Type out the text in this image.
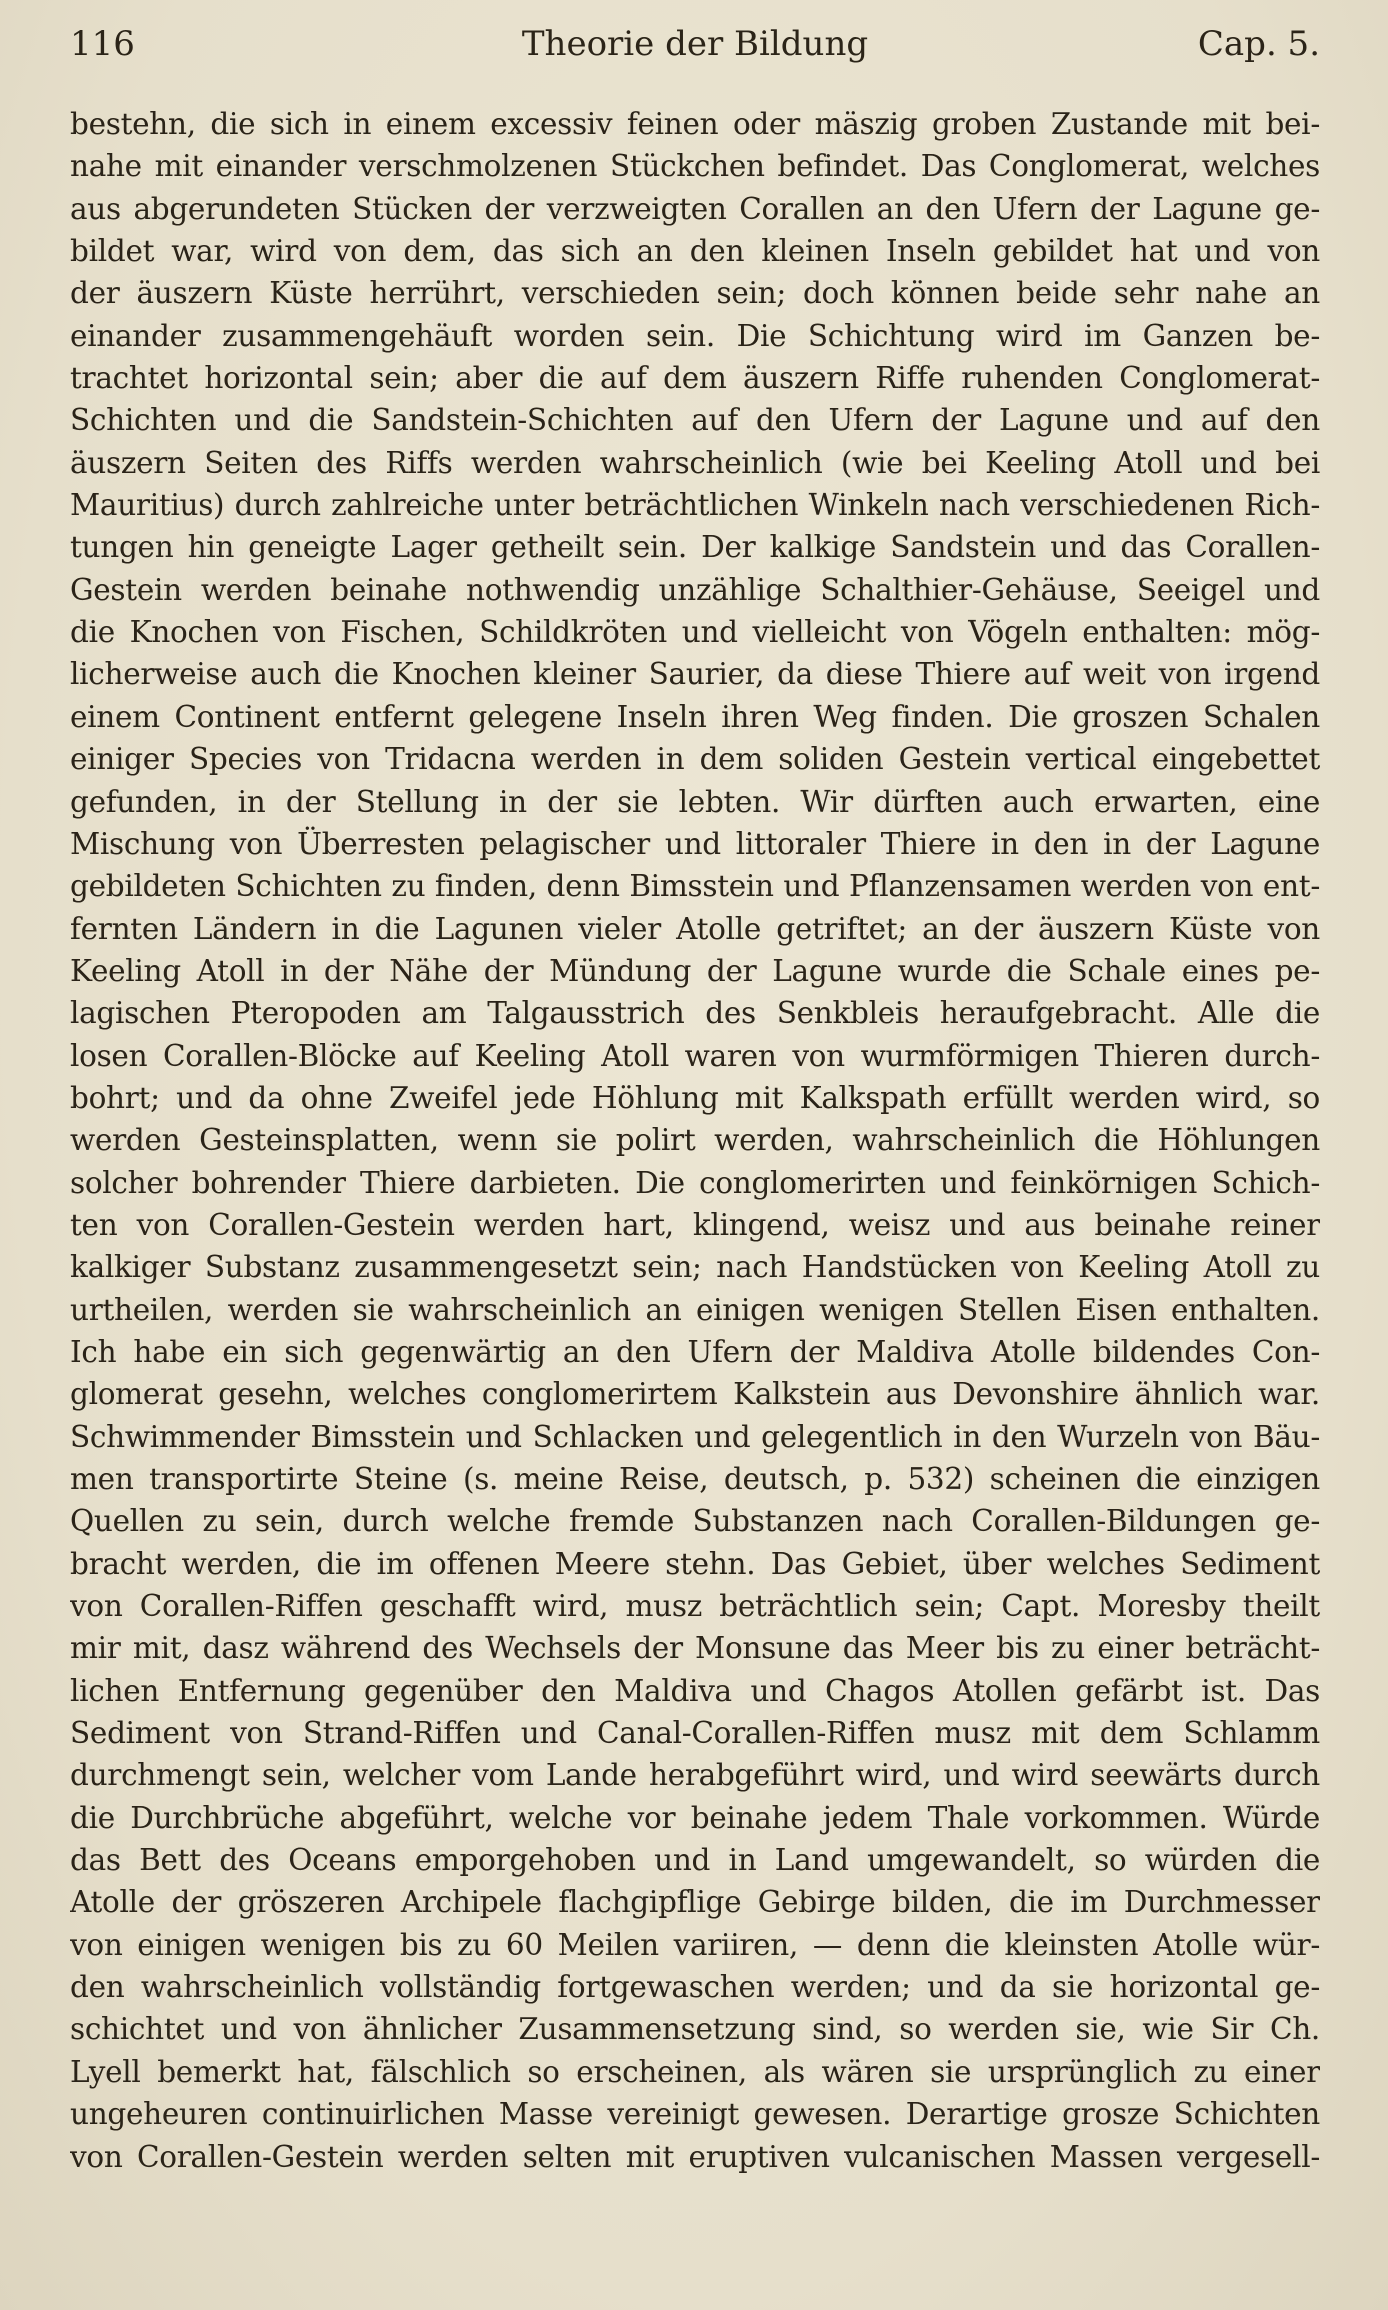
116	Theorie der Bildung	Cap. 5.
bestehn, die sich in einem excessiv feinen oder mäszig groben Zustande mit bei-
nahe mit einander verschmolzenen Stückchen befindet. Das Conglomerat, welches
aus abgerundeten Stücken der verzweigten Corallen an den Ufern der Lagune ge-
bildet war, wird von dem, das sich an den kleinen Inseln gebildet hat und von
der äuszern Küste herrührt, verschieden sein; doch können beide sehr nahe an
einander zusammengehäuft worden sein. Die Schichtung wird im Ganzen be-
trachtet horizontal sein; aber die auf dem äuszern Riffe ruhenden Conglomerat-
Schichten und die Sandstein-Schichten auf den Ufern der Lagune und auf den
äuszern Seiten des Riffs werden wahrscheinlich (wie bei Keeling Atoll und bei
Mauritius) durch zahlreiche unter beträchtlichen Winkeln nach verschiedenen Rich-
tungen hin geneigte Lager getheilt sein. Der kalkige Sandstein und das Corallen-
Gestein werden beinahe nothwendig unzählige Schalthier-Gehäuse, Seeigel und
die Knochen von Fischen, Schildkröten und vielleicht von Vögeln enthalten: mög-
licherweise auch die Knochen kleiner Saurier, da diese Thiere auf weit von irgend
einem Continent entfernt gelegene Inseln ihren Weg finden. Die groszen Schalen
einiger Species von Tridacna werden in dem soliden Gestein vertical eingebettet
gefunden, in der Stellung in der sie lebten. Wir dürften auch erwarten, eine
Mischung von Überresten pelagischer und littoraler Thiere in den in der Lagune
gebildeten Schichten zu finden, denn Bimsstein und Pflanzensamen werden von ent-
fernten Ländern in die Lagunen vieler Atolle getriftet; an der äuszern Küste von
Keeling Atoll in der Nähe der Mündung der Lagune wurde die Schale eines pe-
lagischen Pteropoden am Talgausstrich des Senkbleis heraufgebracht. Alle die
losen Corallen-Blöcke auf Keeling Atoll waren von wurmförmigen Thieren durch-
bohrt; und da ohne Zweifel jede Höhlung mit Kalkspath erfüllt werden wird, so
werden Gesteinsplatten, wenn sie polirt werden, wahrscheinlich die Höhlungen
solcher bohrender Thiere darbieten. Die conglomerirten und feinkörnigen Schich-
ten von Corallen-Gestein werden hart, klingend, weisz und aus beinahe reiner
kalkiger Substanz zusammengesetzt sein; nach Handstücken von Keeling Atoll zu
urtheilen, werden sie wahrscheinlich an einigen wenigen Stellen Eisen enthalten.
Ich habe ein sich gegenwärtig an den Ufern der Maldiva Atolle bildendes Con-
glomerat gesehn, welches conglomerirtem Kalkstein aus Devonshire ähnlich war.
Schwimmender Bimsstein und Schlacken und gelegentlich in den Wurzeln von Bäu-
men transportirte Steine (s. meine Reise, deutsch, p. 532) scheinen die einzigen
Quellen zu sein, durch welche fremde Substanzen nach Corallen-Bildungen ge-
bracht werden, die im offenen Meere stehn. Das Gebiet, über welches Sediment
von Corallen-Riffen geschafft wird, musz beträchtlich sein; Capt. Moresby theilt
mir mit, dasz während des Wechsels der Monsune das Meer bis zu einer beträcht-
lichen Entfernung gegenüber den Maldiva und Chagos Atollen gefärbt ist. Das
Sediment von Strand-Riffen und Canal-Corallen-Riffen musz mit dem Schlamm
durchmengt sein, welcher vom Lande herabgeführt wird, und wird seewärts durch
die Durchbrüche abgeführt, welche vor beinahe jedem Thale vorkommen. Würde
das Bett des Oceans emporgehoben und in Land umgewandelt, so würden die
Atolle der gröszeren Archipele flachgipflige Gebirge bilden, die im Durchmesser
von einigen wenigen bis zu 60 Meilen variiren, — denn die kleinsten Atolle wür-
den wahrscheinlich vollständig fortgewaschen werden; und da sie horizontal ge-
schichtet und von ähnlicher Zusammensetzung sind, so werden sie, wie Sir Ch.
Lyell bemerkt hat, fälschlich so erscheinen, als wären sie ursprünglich zu einer
ungeheuren continuirlichen Masse vereinigt gewesen. Derartige grosze Schichten
von Corallen-Gestein werden selten mit eruptiven vulcanischen Massen vergesell-
